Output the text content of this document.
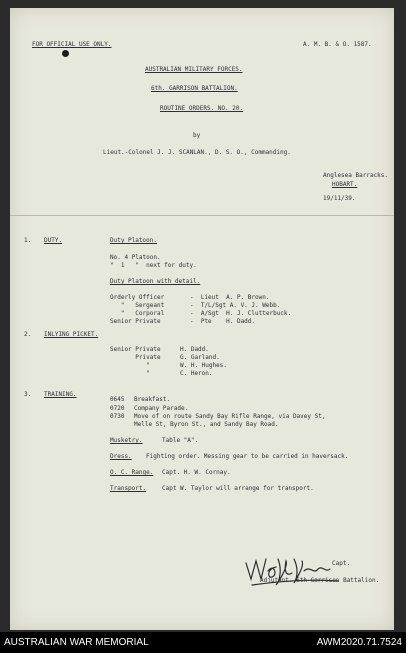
FOR OFFICIAL USE ONLY.	A. M. B. & O. 1587.
AUSTRALIAN MILITARY FORCES.
6th. GARRISON BATTALION.
ROUTINE ORDERS. NO. 20.
by
Lieut.-Colonel J. J. SCANLAN., D. S. O., Commanding.
Anglesea Barracks.
HOBART.
19/11/39.
1. DUTY.	Duty Platoon.
No. 4 Platoon.
"  1   "  next for duty.
Duty Platoon with detail.
Orderly Officer	-  Lieut  A. P. Brown.
"   Sergeant	-  T/L/Sgt A. V. J. Webb.
"   Corporal	-  A/Sgt  H. J. Clutterbuck.
Senior Private	-  Pte    H. Dadd.
2. INLYING PICKET.
Senior Private	H. Dadd.
Private	G. Garland.
"	W. H. Hughes.
"	C. Heron.
3. TRAINING.
0645 Breakfast.
0720 Company Parade.
0730 Move of on route Sandy Bay Rifle Range, via Davey St,
Melle St, Byron St., and Sandy Bay Road.
Musketry.	Table "A".
Dress. Fighting order. Messing gear to be carried in haversack.
O. C. Range. Capt. H. W. Cornay.
Transport.	Capt W. Taylor will arrange for transport.
Capt.
Adjutant. 6th Garrison Battalion.
AUSTRALIAN WAR MEMORIAL	AWM2020.71.7524
